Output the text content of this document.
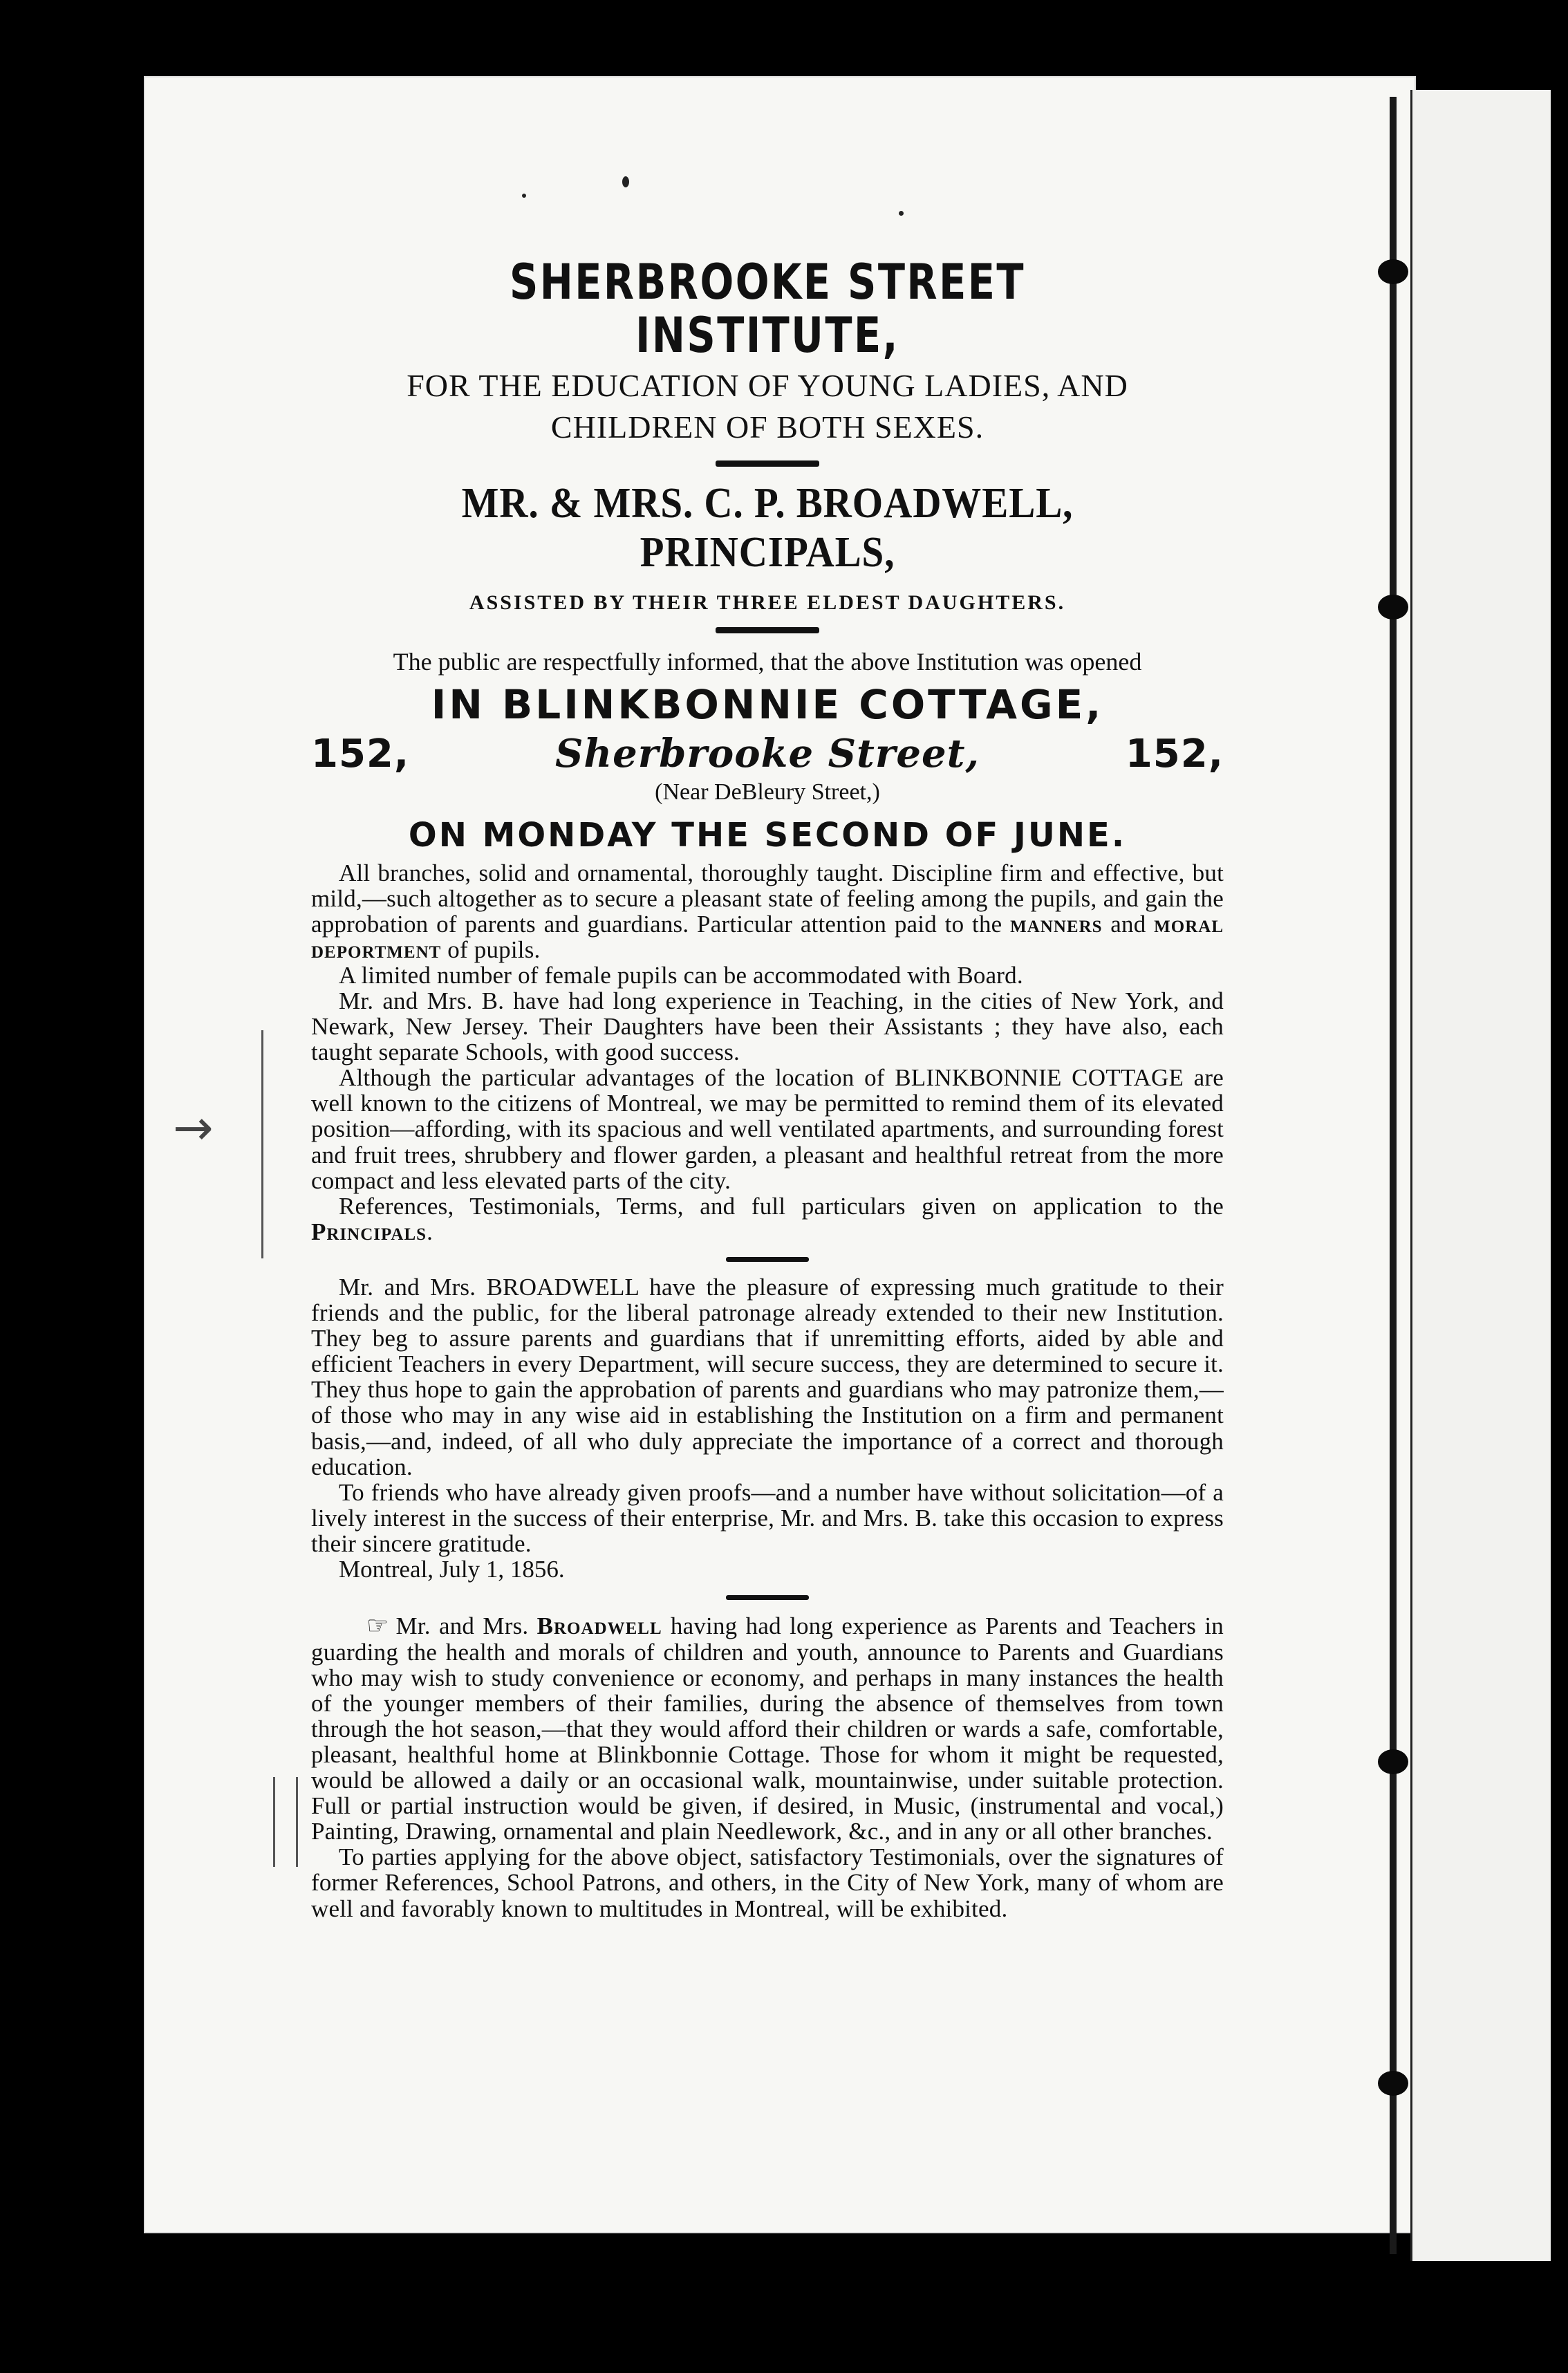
→

SHERBROOKE STREET INSTITUTE,

FOR THE EDUCATION OF YOUNG LADIES, AND

CHILDREN OF BOTH SEXES.

MR. & MRS. C. P. BROADWELL, PRINCIPALS,

ASSISTED BY THEIR THREE ELDEST DAUGHTERS.

The public are respectfully informed, that the above Institution was opened

IN BLINKBONNIE COTTAGE,

152,	Sherbrooke Street,	152,

(Near DeBleury Street,)

ON MONDAY THE SECOND OF JUNE.

All branches, solid and ornamental, thoroughly taught. Discipline firm and effective, but mild,—such altogether as to secure a pleasant state of feeling among the pupils, and gain the approbation of parents and guardians. Particular attention paid to the manners and moral deportment of pupils.

A limited number of female pupils can be accommodated with Board.

Mr. and Mrs. B. have had long experience in Teaching, in the cities of New York, and Newark, New Jersey. Their Daughters have been their Assistants ; they have also, each taught separate Schools, with good success.

Although the particular advantages of the location of BLINKBONNIE COTTAGE are well known to the citizens of Montreal, we may be permitted to remind them of its elevated position—affording, with its spacious and well ventilated apartments, and surrounding forest and fruit trees, shrubbery and flower garden, a pleasant and healthful retreat from the more compact and less elevated parts of the city.

References, Testimonials, Terms, and full particulars given on application to the Principals.

Mr. and Mrs. BROADWELL have the pleasure of expressing much gratitude to their friends and the public, for the liberal patronage already extended to their new Institution. They beg to assure parents and guardians that if unremitting efforts, aided by able and efficient Teachers in every Department, will secure success, they are determined to secure it. They thus hope to gain the approbation of parents and guardians who may patronize them,—of those who may in any wise aid in establishing the Institution on a firm and permanent basis,—and, indeed, of all who duly appreciate the importance of a correct and thorough education.

To friends who have already given proofs—and a number have without solicitation—of a lively interest in the success of their enterprise, Mr. and Mrs. B. take this occasion to express their sincere gratitude.

Montreal, July 1, 1856.

☞ Mr. and Mrs. Broadwell having had long experience as Parents and Teachers in guarding the health and morals of children and youth, announce to Parents and Guardians who may wish to study convenience or economy, and perhaps in many instances the health of the younger members of their families, during the absence of themselves from town through the hot season,—that they would afford their children or wards a safe, comfortable, pleasant, healthful home at Blinkbonnie Cottage. Those for whom it might be requested, would be allowed a daily or an occasional walk, mountainwise, under suitable protection. Full or partial instruction would be given, if desired, in Music, (instrumental and vocal,) Painting, Drawing, ornamental and plain Needlework, &c., and in any or all other branches.

To parties applying for the above object, satisfactory Testimonials, over the signatures of former References, School Patrons, and others, in the City of New York, many of whom are well and favorably known to multitudes in Montreal, will be exhibited.
